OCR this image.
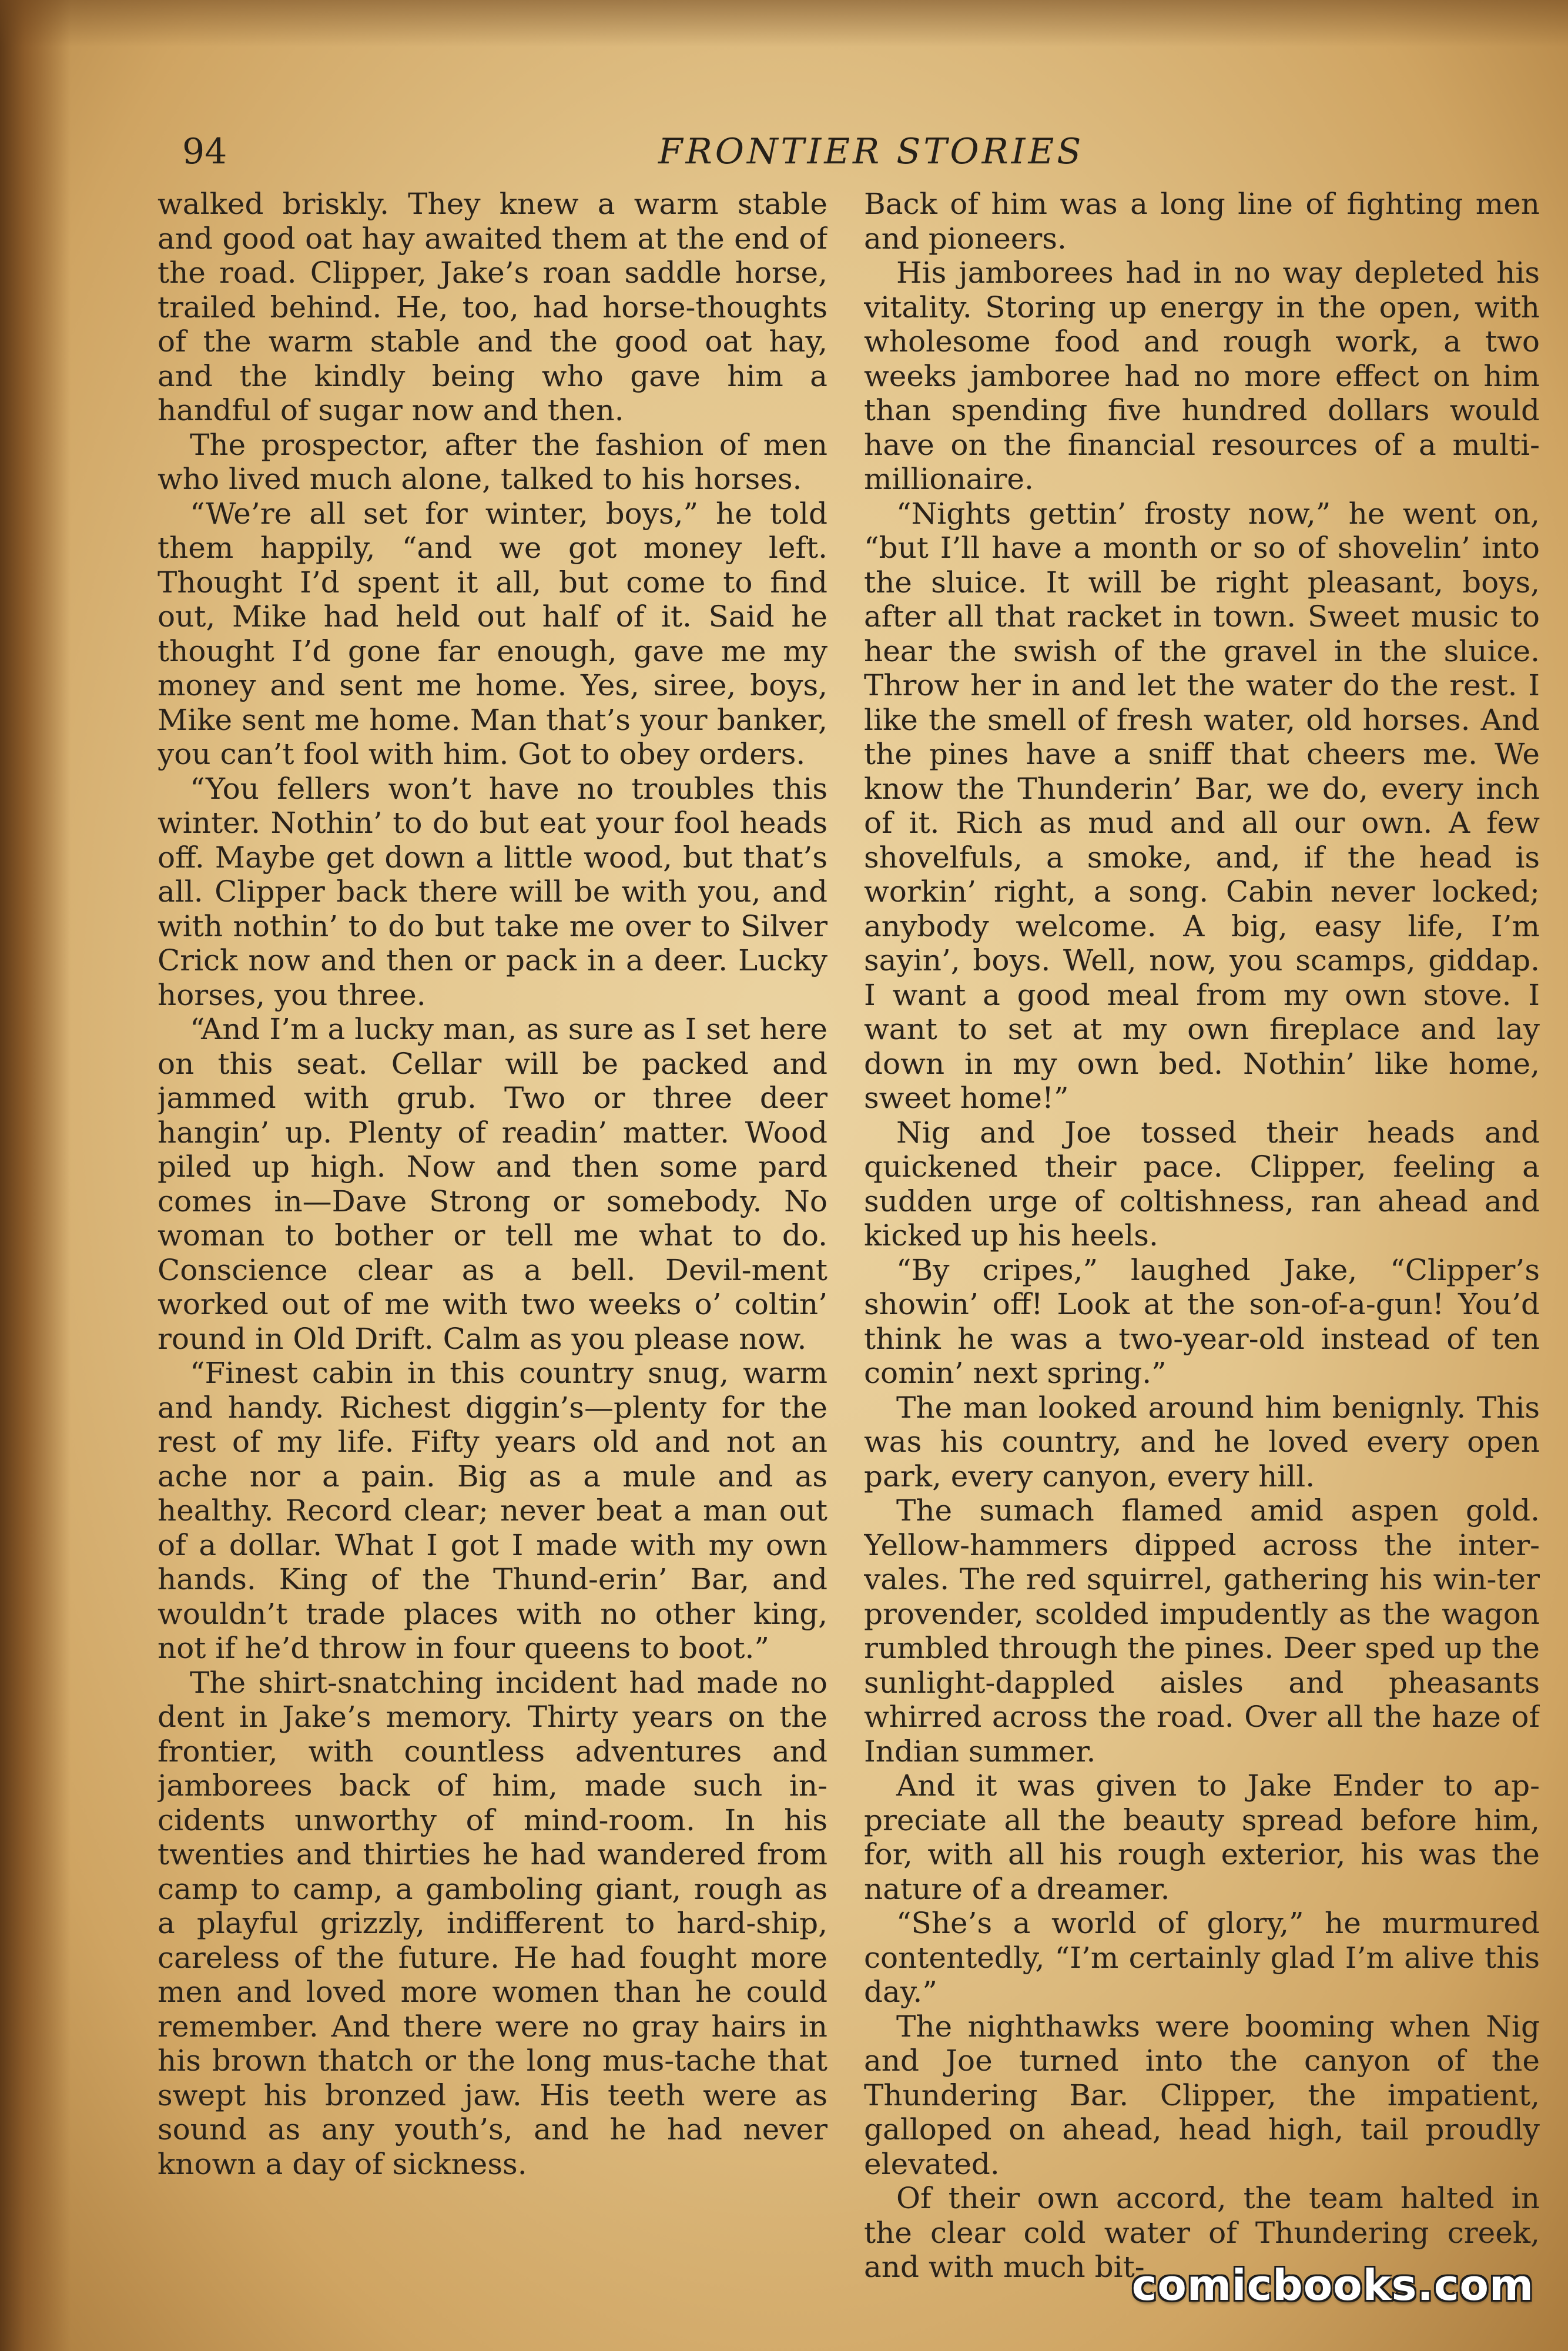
94	FRONTIER STORIES

walked briskly. They knew a warm stable and good oat hay awaited them at the end of the road. Clipper, Jake’s roan saddle horse, trailed behind. He, too, had horse-thoughts of the warm stable and the good oat hay, and the kindly being who gave him a handful of sugar now and then.

The prospector, after the fashion of men who lived much alone, talked to his horses.

“We’re all set for winter, boys,” he told them happily, “and we got money left. Thought I’d spent it all, but come to find out, Mike had held out half of it. Said he thought I’d gone far enough, gave me my money and sent me home. Yes, siree, boys, Mike sent me home. Man that’s your banker, you can’t fool with him. Got to obey orders.

“You fellers won’t have no troubles this winter. Nothin’ to do but eat your fool heads off. Maybe get down a little wood, but that’s all. Clipper back there will be with you, and with nothin’ to do but take me over to Silver Crick now and then or pack in a deer. Lucky horses, you three.

“And I’m a lucky man, as sure as I set here on this seat. Cellar will be packed and jammed with grub. Two or three deer hangin’ up. Plenty of readin’ matter. Wood piled up high. Now and then some pard comes in—Dave Strong or somebody. No woman to bother or tell me what to do. Conscience clear as a bell. Devil-ment worked out of me with two weeks o’ coltin’ round in Old Drift. Calm as you please now.

“Finest cabin in this country snug, warm and handy. Richest diggin’s—plenty for the rest of my life. Fifty years old and not an ache nor a pain. Big as a mule and as healthy. Record clear; never beat a man out of a dollar. What I got I made with my own hands. King of the Thund-erin’ Bar, and wouldn’t trade places with no other king, not if he’d throw in four queens to boot.”

The shirt-snatching incident had made no dent in Jake’s memory. Thirty years on the frontier, with countless adventures and jamborees back of him, made such in-cidents unworthy of mind-room. In his twenties and thirties he had wandered from camp to camp, a gamboling giant, rough as a playful grizzly, indifferent to hard-ship, careless of the future. He had fought more men and loved more women than he could remember. And there were no gray hairs in his brown thatch or the long mus-tache that swept his bronzed jaw. His teeth were as sound as any youth’s, and he had never known a day of sickness.

Back of him was a long line of fighting men and pioneers.

His jamborees had in no way depleted his vitality. Storing up energy in the open, with wholesome food and rough work, a two weeks jamboree had no more effect on him than spending five hundred dollars would have on the financial resources of a multi-millionaire.

“Nights gettin’ frosty now,” he went on, “but I’ll have a month or so of shovelin’ into the sluice. It will be right pleasant, boys, after all that racket in town. Sweet music to hear the swish of the gravel in the sluice. Throw her in and let the water do the rest. I like the smell of fresh water, old horses. And the pines have a sniff that cheers me. We know the Thunderin’ Bar, we do, every inch of it. Rich as mud and all our own. A few shovelfuls, a smoke, and, if the head is workin’ right, a song. Cabin never locked; anybody welcome. A big, easy life, I’m sayin’, boys. Well, now, you scamps, giddap. I want a good meal from my own stove. I want to set at my own fireplace and lay down in my own bed. Nothin’ like home, sweet home!”

Nig and Joe tossed their heads and quickened their pace. Clipper, feeling a sudden urge of coltishness, ran ahead and kicked up his heels.

“By cripes,” laughed Jake, “Clipper’s showin’ off! Look at the son-of-a-gun! You’d think he was a two-year-old instead of ten comin’ next spring.”

The man looked around him benignly. This was his country, and he loved every open park, every canyon, every hill.

The sumach flamed amid aspen gold. Yellow-hammers dipped across the inter-vales. The red squirrel, gathering his win-ter provender, scolded impudently as the wagon rumbled through the pines. Deer sped up the sunlight-dappled aisles and pheasants whirred across the road. Over all the haze of Indian summer.

And it was given to Jake Ender to ap-preciate all the beauty spread before him, for, with all his rough exterior, his was the nature of a dreamer.

“She’s a world of glory,” he murmured contentedly, “I’m certainly glad I’m alive this day.”

The nighthawks were booming when Nig and Joe turned into the canyon of the Thundering Bar. Clipper, the impatient, galloped on ahead, head high, tail proudly elevated.

Of their own accord, the team halted in the clear cold water of Thundering creek, and with much bit-

comicbooks.com
